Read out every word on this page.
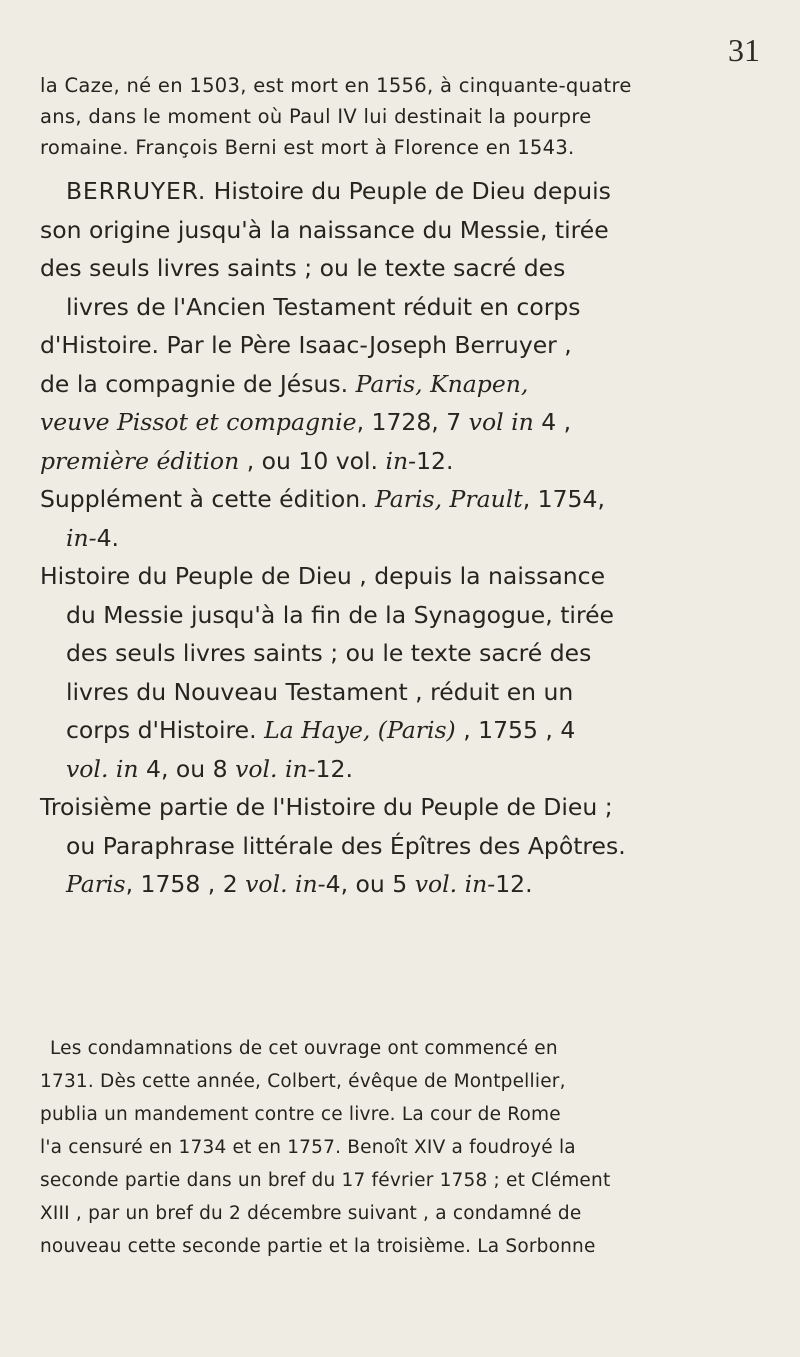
31
la Caze, né en 1503, est mort en 1556, à cinquante-quatre
ans, dans le moment où Paul IV lui destinait la pourpre
romaine. François Berni est mort à Florence en 1543.
BERRUYER. Histoire du Peuple de Dieu depuis
son origine jusqu'à la naissance du Messie, tirée
des seuls livres saints ; ou le texte sacré des
livres de l'Ancien Testament réduit en corps
d'Histoire. Par le Père Isaac-Joseph Berruyer ,
de la compagnie de Jésus. Paris, Knapen,
veuve Pissot et compagnie, 1728, 7 vol in 4 ,
première édition , ou 10 vol. in-12.
Supplément à cette édition. Paris, Prault, 1754,
in-4.
Histoire du Peuple de Dieu , depuis la naissance
du Messie jusqu'à la fin de la Synagogue, tirée
des seuls livres saints ; ou le texte sacré des
livres du Nouveau Testament , réduit en un
corps d'Histoire. La Haye, (Paris) , 1755 , 4
vol. in 4, ou 8 vol. in-12.
Troisième partie de l'Histoire du Peuple de Dieu ;
ou Paraphrase littérale des Épîtres des Apôtres.
Paris, 1758 , 2 vol. in-4, ou 5 vol. in-12.
Les condamnations de cet ouvrage ont commencé en
1731. Dès cette année, Colbert, évêque de Montpellier,
publia un mandement contre ce livre. La cour de Rome
l'a censuré en 1734 et en 1757. Benoît XIV a foudroyé la
seconde partie dans un bref du 17 février 1758 ; et Clément
XIII , par un bref du 2 décembre suivant , a condamné de
nouveau cette seconde partie et la troisième. La Sorbonne
